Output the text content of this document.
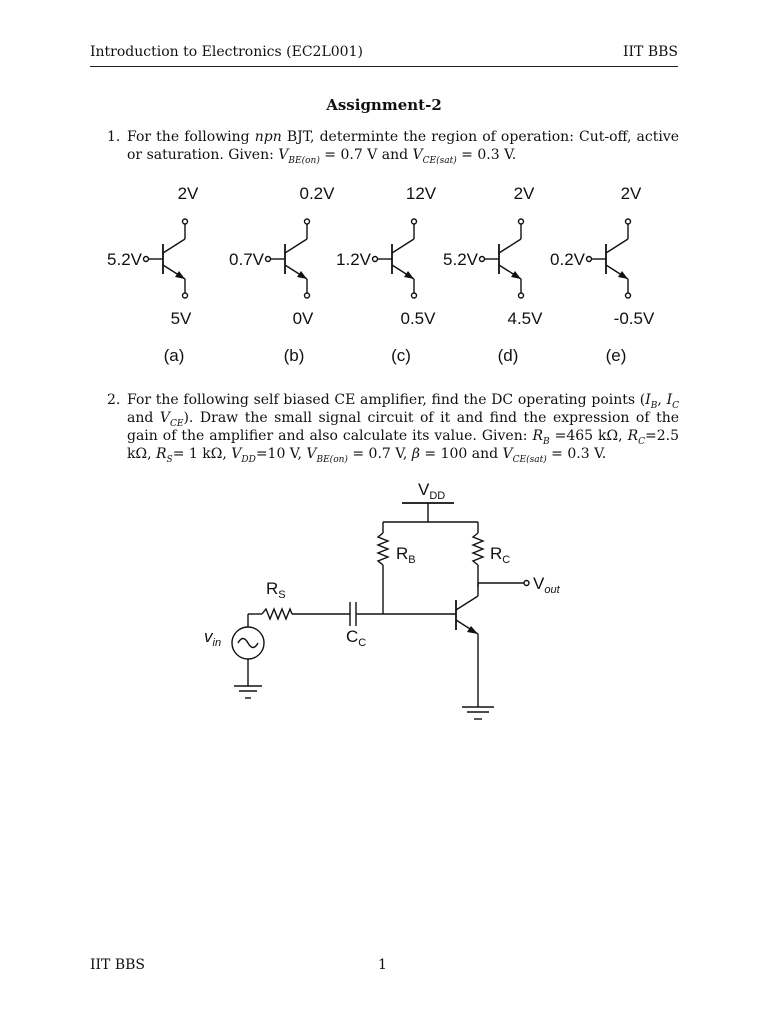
Introduction to Electronics (EC2L001)	IIT BBS
Assignment-2
1. For the following npn BJT, determinte the region of operation: Cut-off, active or saturation. Given: $V_{BE(on)} = 0.7$ V and $V_{CE(sat)} = 0.3$ V.
2V
5.2V
5V
(a)
0.2V
0.7V
0V
(b)
12V
1.2V
0.5V
(c)
2V
5.2V
4.5V
(d)
2V
0.2V
-0.5V
(e)
2. For the following self biased CE amplifier, find the DC operating points ($I_B$, $I_C$ and $V_{CE}$). Draw the small signal circuit of it and find the expression of the gain of the amplifier and also calculate its value. Given: $R_B =465$ kΩ, $R_C=2.5$ kΩ, $R_S= 1$ kΩ, $V_{DD}=10$ V, $V_{BE(on)} = 0.7$ V, β = 100 and $V_{CE(sat)} = 0.3$ V.
$V_{DD}$
$R_B$	$R_C$
$V_{out}$
$R_S$
$C_C$
$v_{in}$
IIT BBS	1
